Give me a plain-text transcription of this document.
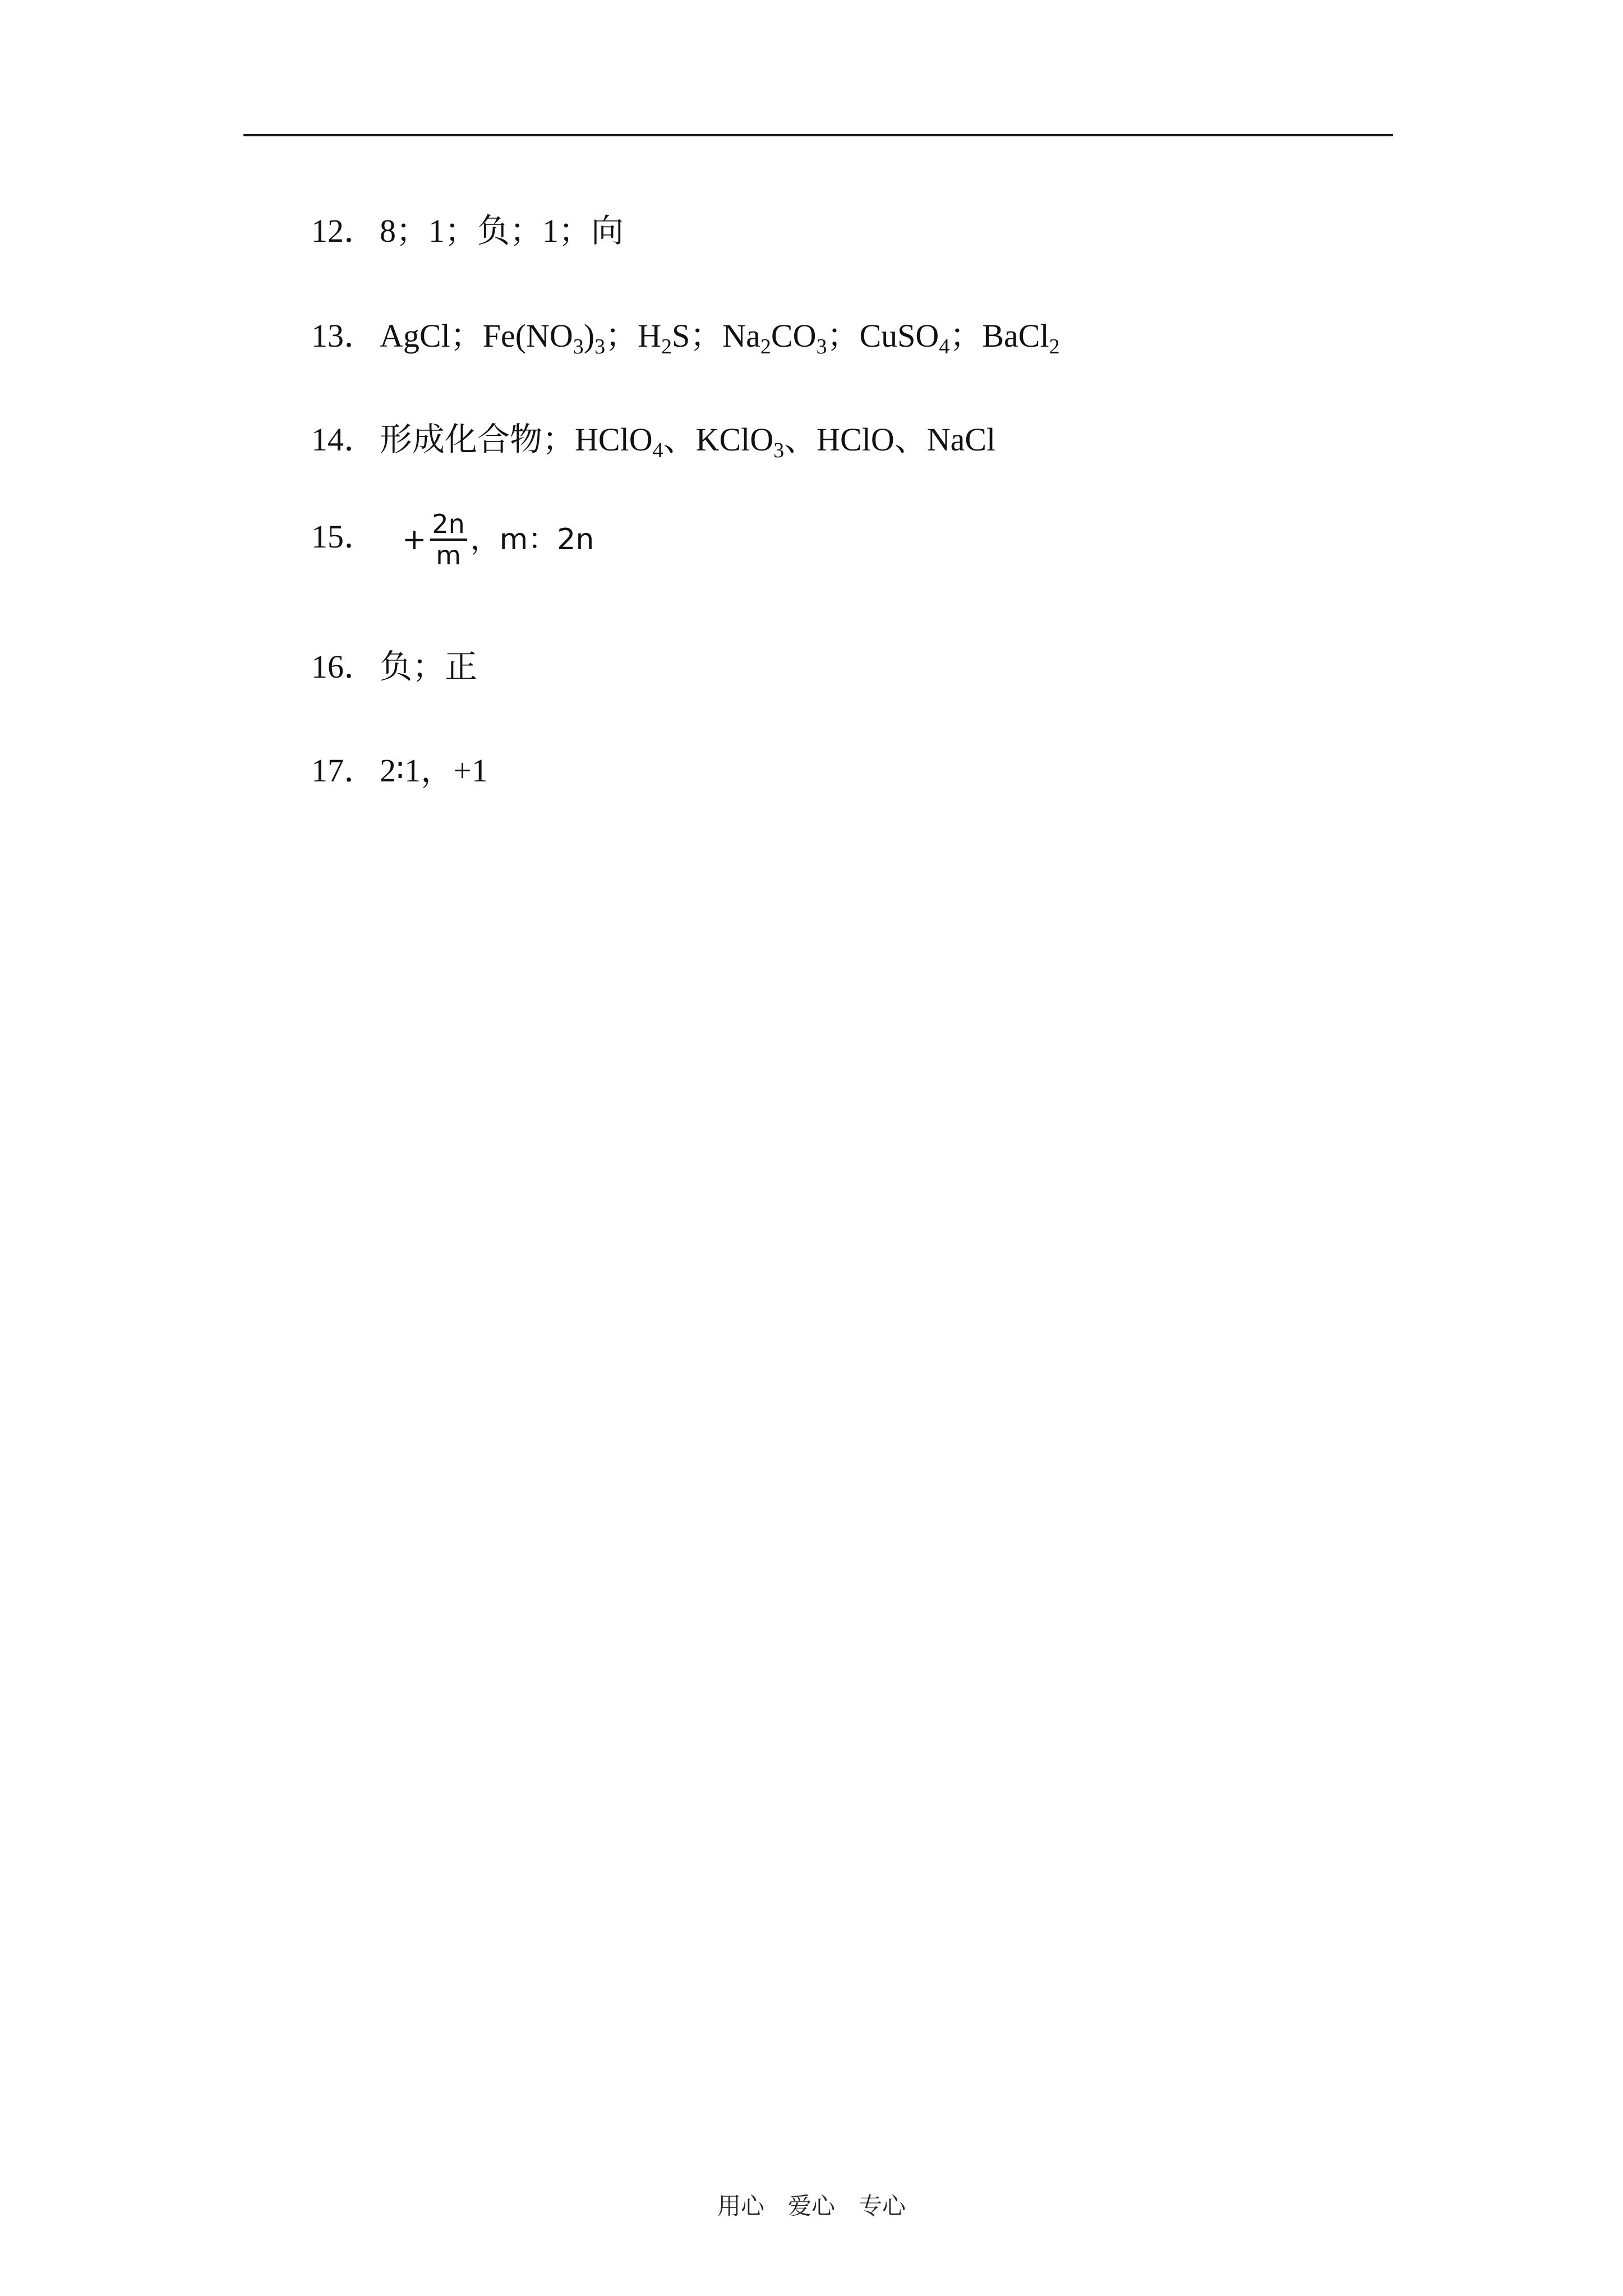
12． 8；1；负；1；向
13． AgCl；$Fe(NO_3)_3$；$H_2S$；$Na_2CO_3$；CuSO$_4$；BaCl$_2$
14． 形成化合物；HClO$_4$、KClO$_3$、HClO、NaCl
15． + $\frac{2n}{m}$ ，m：2n
16． 负；正
17． 2∶1，+1
用心　爱心　专心
